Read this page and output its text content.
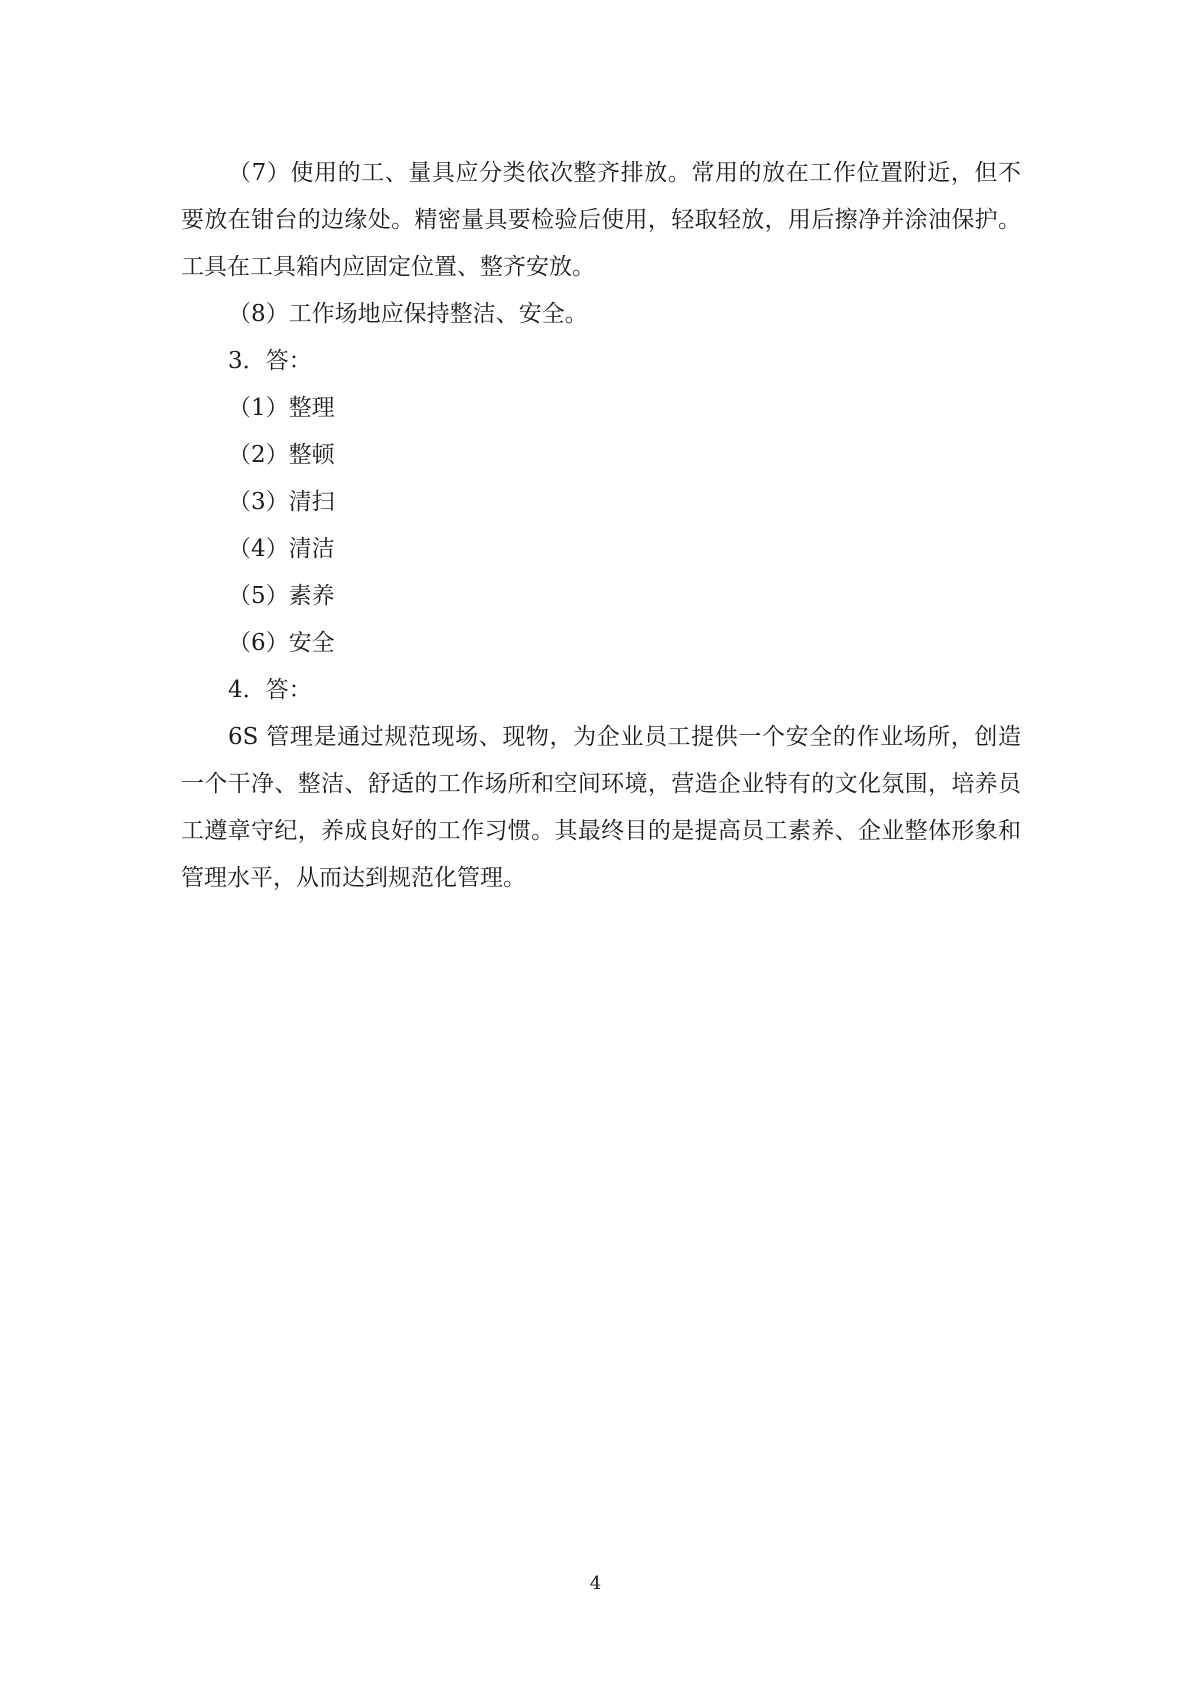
（7）使用的工、量具应分类依次整齐排放。常用的放在工作位置附近，但不要放在钳台的边缘处。精密量具要检验后使用，轻取轻放，用后擦净并涂油保护。工具在工具箱内应固定位置、整齐安放。

（8）工作场地应保持整洁、安全。

3．答：

（1）整理

（2）整顿

（3）清扫

（4）清洁

（5）素养

（6）安全

4．答：

6S 管理是通过规范现场、现物，为企业员工提供一个安全的作业场所，创造一个干净、整洁、舒适的工作场所和空间环境，营造企业特有的文化氛围，培养员工遵章守纪，养成良好的工作习惯。其最终目的是提高员工素养、企业整体形象和管理水平，从而达到规范化管理。

4
